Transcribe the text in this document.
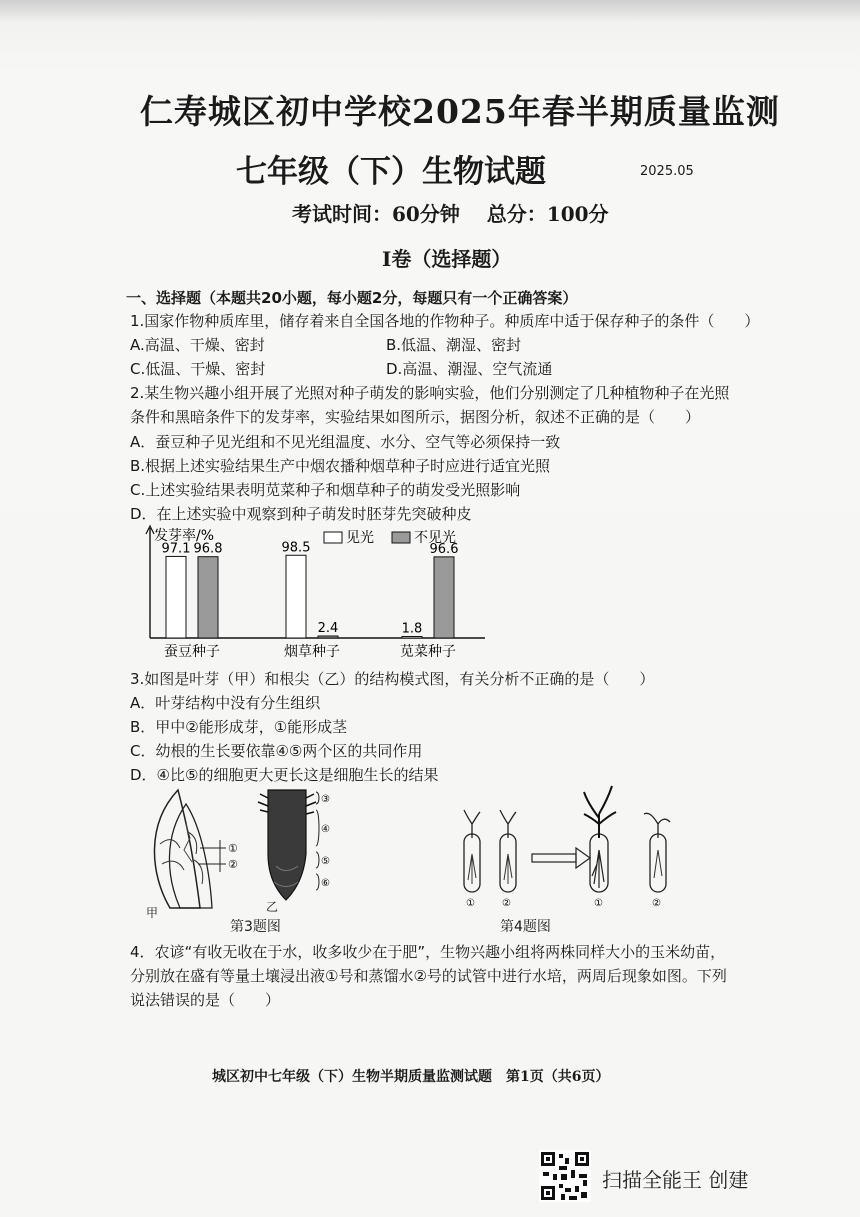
仁寿城区初中学校2025年春半期质量监测
七年级（下）生物试题	2025.05
考试时间：60分钟　 总分：100分
Ⅰ卷（选择题）
一、选择题（本题共20小题，每小题2分，每题只有一个正确答案）
1.国家作物种质库里，储存着来自全国各地的作物种子。种质库中适于保存种子的条件（　　）
A.高温、干燥、密封	B.低温、潮湿、密封
C.低温、干燥、密封	D.高温、潮湿、空气流通
2.某生物兴趣小组开展了光照对种子萌发的影响实验，他们分别测定了几种植物种子在光照
条件和黑暗条件下的发芽率，实验结果如图所示，据图分析，叙述不正确的是（　　）
A．蚕豆种子见光组和不见光组温度、水分、空气等必须保持一致
B.根据上述实验结果生产中烟农播种烟草种子时应进行适宜光照
C.上述实验结果表明苋菜种子和烟草种子的萌发受光照影响
D．在上述实验中观察到种子萌发时胚芽先突破种皮
发芽率/%	见光	不见光
97.1 96.8
蚕豆种子
98.5
2.4
烟草种子
1.8
96.6
苋菜种子
3.如图是叶芽（甲）和根尖（乙）的结构模式图，有关分析不正确的是（　　）
A．叶芽结构中没有分生组织
B．甲中②能形成芽，①能形成茎
C．幼根的生长要依靠④⑤两个区的共同作用
D．④比⑤的细胞更大更长这是细胞生长的结果
①
②
甲
③
④
⑤
⑥
乙
第3题图
①	②	①	②
第4题图
4．农谚“有收无收在于水，收多收少在于肥”，生物兴趣小组将两株同样大小的玉米幼苗，
分别放在盛有等量土壤浸出液①号和蒸馏水②号的试管中进行水培，两周后现象如图。下列
说法错误的是（　　）
城区初中七年级（下）生物半期质量监测试题　第1页（共6页）
扫描全能王 创建
